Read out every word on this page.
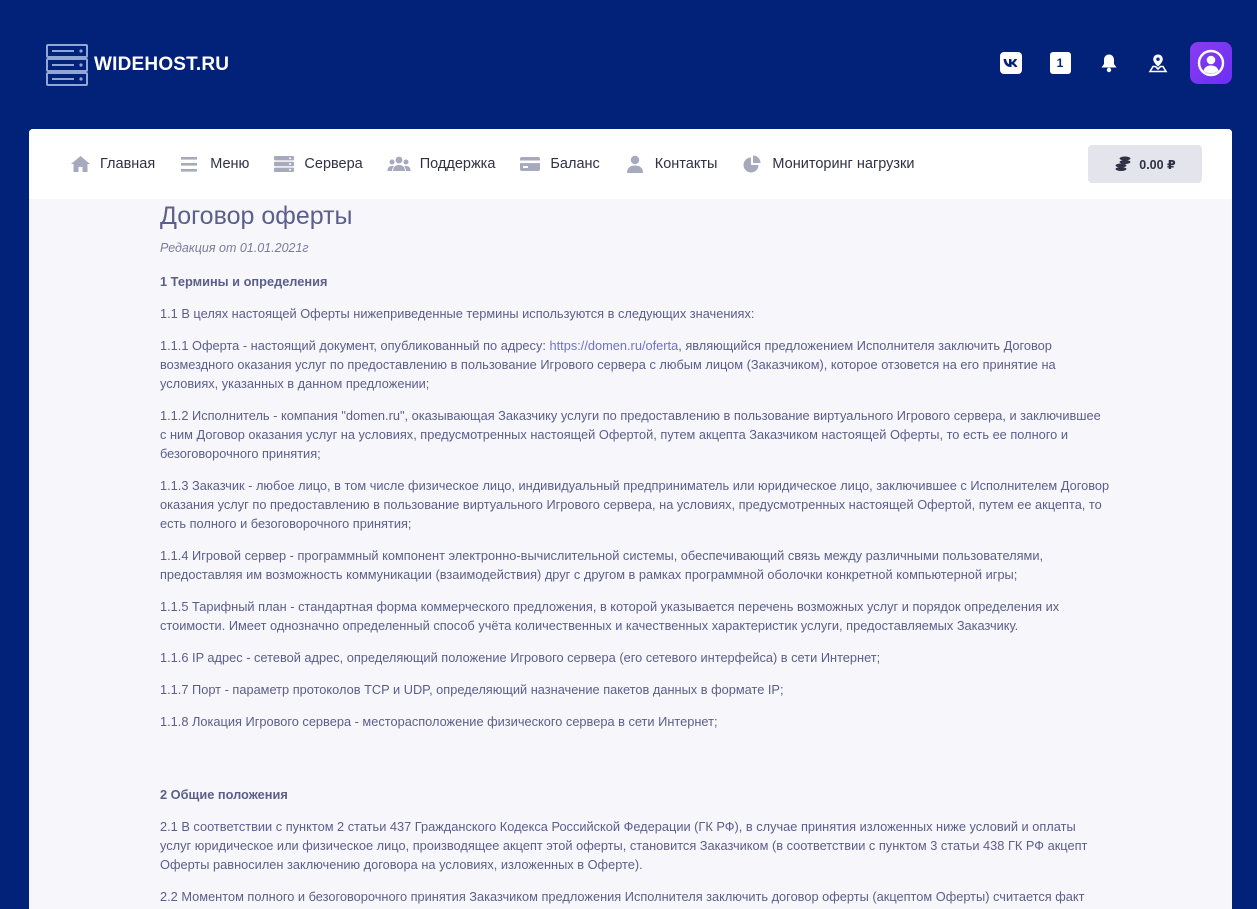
WIDEHOST.RU	1
Главная	Меню	Сервера	Поддержка	Баланс	Контакты	Мониторинг нагрузки	0.00 ₽
Договор оферты
Редакция от 01.01.2021г
1 Термины и определения
1.1 В целях настоящей Оферты нижеприведенные термины используются в следующих значениях:
1.1.1 Оферта - настоящий документ, опубликованный по адресу: https://domen.ru/oferta, являющийся предложением Исполнителя заключить Договор возмездного оказания услуг по предоставлению в пользование Игрового сервера с любым лицом (Заказчиком), которое отзовется на его принятие на условиях, указанных в данном предложении;
1.1.2 Исполнитель - компания "domen.ru", оказывающая Заказчику услуги по предоставлению в пользование виртуального Игрового сервера, и заключившее с ним Договор оказания услуг на условиях, предусмотренных настоящей Офертой, путем акцепта Заказчиком настоящей Оферты, то есть ее полного и безоговорочного принятия;
1.1.3 Заказчик - любое лицо, в том числе физическое лицо, индивидуальный предприниматель или юридическое лицо, заключившее с Исполнителем Договор оказания услуг по предоставлению в пользование виртуального Игрового сервера, на условиях, предусмотренных настоящей Офертой, путем ее акцепта, то есть полного и безоговорочного принятия;
1.1.4 Игровой сервер - программный компонент электронно-вычислительной системы, обеспечивающий связь между различными пользователями, предоставляя им возможность коммуникации (взаимодействия) друг с другом в рамках программной оболочки конкретной компьютерной игры;
1.1.5 Тарифный план - стандартная форма коммерческого предложения, в которой указывается перечень возможных услуг и порядок определения их стоимости. Имеет однозначно определенный способ учёта количественных и качественных характеристик услуги, предоставляемых Заказчику.
1.1.6 IP адрес - сетевой адрес, определяющий положение Игрового сервера (его сетевого интерфейса) в сети Интернет;
1.1.7 Порт - параметр протоколов TCP и UDP, определяющий назначение пакетов данных в формате IP;
1.1.8 Локация Игрового сервера - месторасположение физического сервера в сети Интернет;
2 Общие положения
2.1 В соответствии с пунктом 2 статьи 437 Гражданского Кодекса Российской Федерации (ГК РФ), в случае принятия изложенных ниже условий и оплаты услуг юридическое или физическое лицо, производящее акцепт этой оферты, становится Заказчиком (в соответствии с пунктом 3 статьи 438 ГК РФ акцепт Оферты равносилен заключению договора на условиях, изложенных в Оферте).
2.2 Моментом полного и безоговорочного принятия Заказчиком предложения Исполнителя заключить договор оферты (акцептом Оферты) считается факт
